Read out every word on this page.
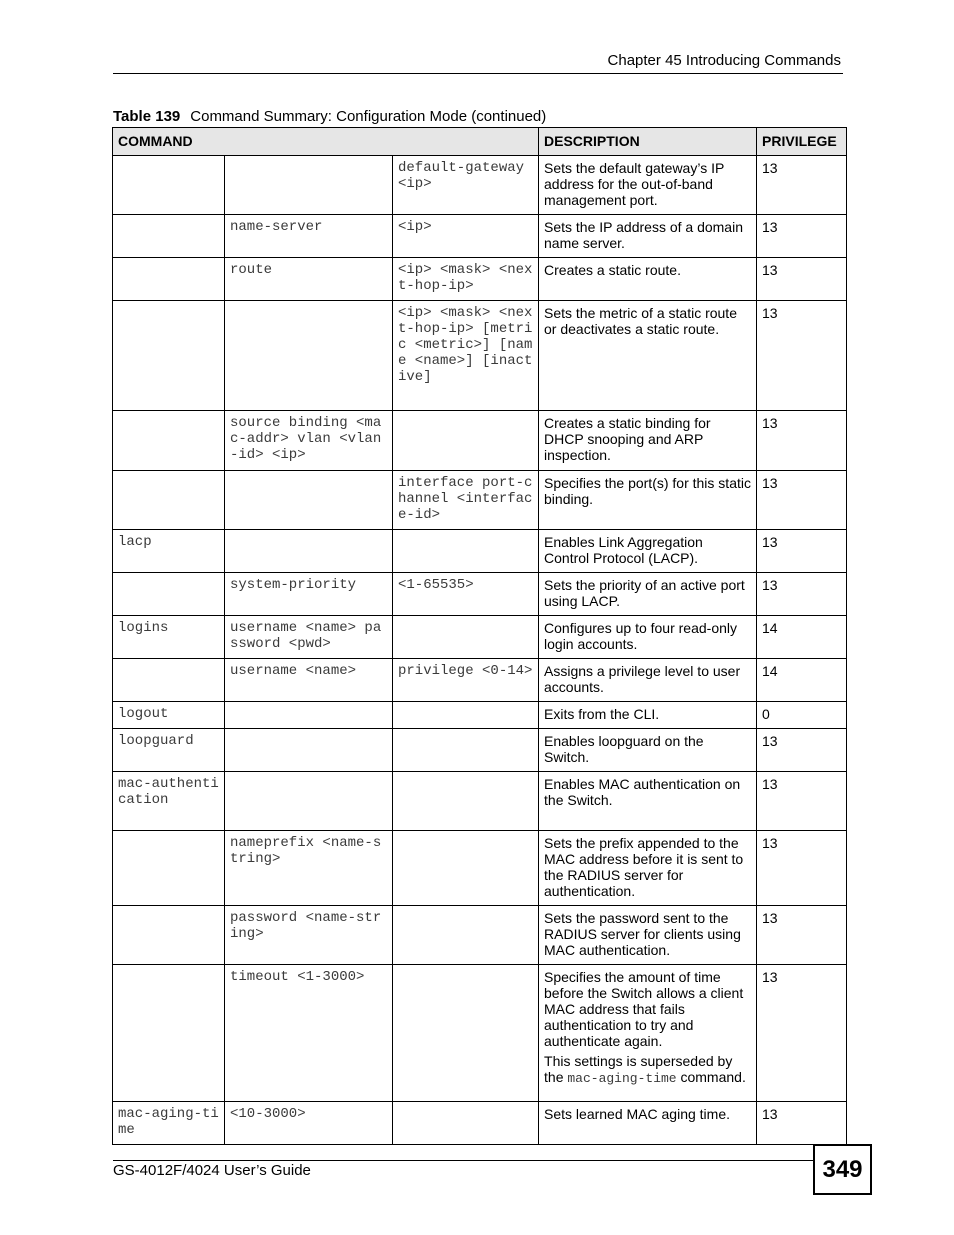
Chapter 45 Introducing Commands
Table 139 Command Summary: Configuration Mode (continued)
COMMAND			DESCRIPTION	PRIVILEGE
		default-gateway <ip>	Sets the default gateway’s IP address for the out-of-band management port.	13
	name-server	<ip>	Sets the IP address of a domain name server.	13
	route	<ip> <mask> <next-hop-ip>	Creates a static route.	13
		<ip> <mask> <next-hop-ip> [metric <metric>] [name <name>] [inactive]	Sets the metric of a static route or deactivates a static route.	13
	source binding <mac-addr> vlan <vlan-id> <ip>		Creates a static binding for DHCP snooping and ARP inspection.	13
		interface port-channel <interface-id>	Specifies the port(s) for this static binding.	13
lacp			Enables Link Aggregation Control Protocol (LACP).	13
	system-priority	<1-65535>	Sets the priority of an active port using LACP.	13
logins	username <name> password <pwd>		Configures up to four read-only login accounts.	14
	username <name>	privilege <0-14>	Assigns a privilege level to user accounts.	14
logout			Exits from the CLI.	0
loopguard			Enables loopguard on the Switch.	13
mac-authentication			Enables MAC authentication on the Switch.	13
	nameprefix <name-string>		Sets the prefix appended to the MAC address before it is sent to the RADIUS server for authentication.	13
	password <name-string>		Sets the password sent to the RADIUS server for clients using MAC authentication.	13
	timeout <1-3000>		Specifies the amount of time before the Switch allows a client MAC address that fails authentication to try and authenticate again.

This settings is superseded by the mac-aging-time command.	13
mac-aging-time	<10-3000>		Sets learned MAC aging time.	13
GS-4012F/4024 User’s Guide	349
